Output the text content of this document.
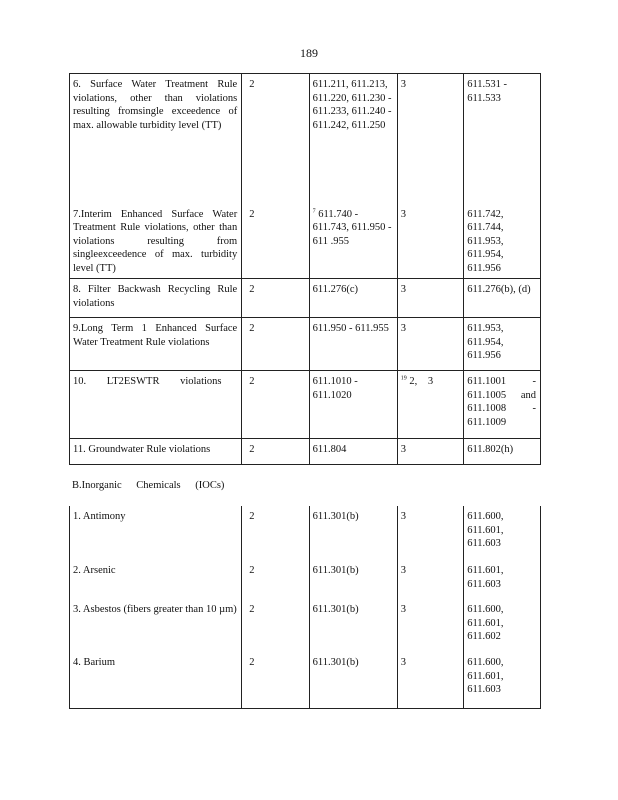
189
6. Surface Water Treatment Rule violations, other than violations resulting fromsingle exceedence of max. allowable turbidity level (TT)	2	611.211, 611.213, 611.220, 611.230 - 611.233, 611.240 - 611.242, 611.250	3	611.531 - 611.533
7.Interim Enhanced Surface Water Treatment Rule violations, other than violations resulting from singleexceedence of max. turbidity level (TT)	2	$^7$ 611.740 - 611.743, 611.950 - 611 .955	3	611.742, 611.744, 611.953, 611.954, 611.956
8. Filter Backwash Recycling Rule violations	2	611.276(c)	3	611.276(b), (d)
9.Long Term 1 Enhanced Surface Water Treatment Rule violations	2	611.950 - 611.955	3	611.953, 611.954, 611.956
10. LT2ESWTR violations	2	611.1010 - 611.1020	$^{19}$ 2, 3	611.1001 - 611.1005 and 611.1008 - 611.1009
11. Groundwater Rule violations	2	611.804	3	611.802(h)
B.Inorganic Chemicals (IOCs)
1. Antimony	2	611.301(b)	3	611.600, 611.601, 611.603
2. Arsenic	2	611.301(b)	3	611.601, 611.603
3. Asbestos (fibers greater than 10 µm)	2	611.301(b)	3	611.600, 611.601, 611.602
4. Barium	2	611.301(b)	3	611.600, 611.601, 611.603
